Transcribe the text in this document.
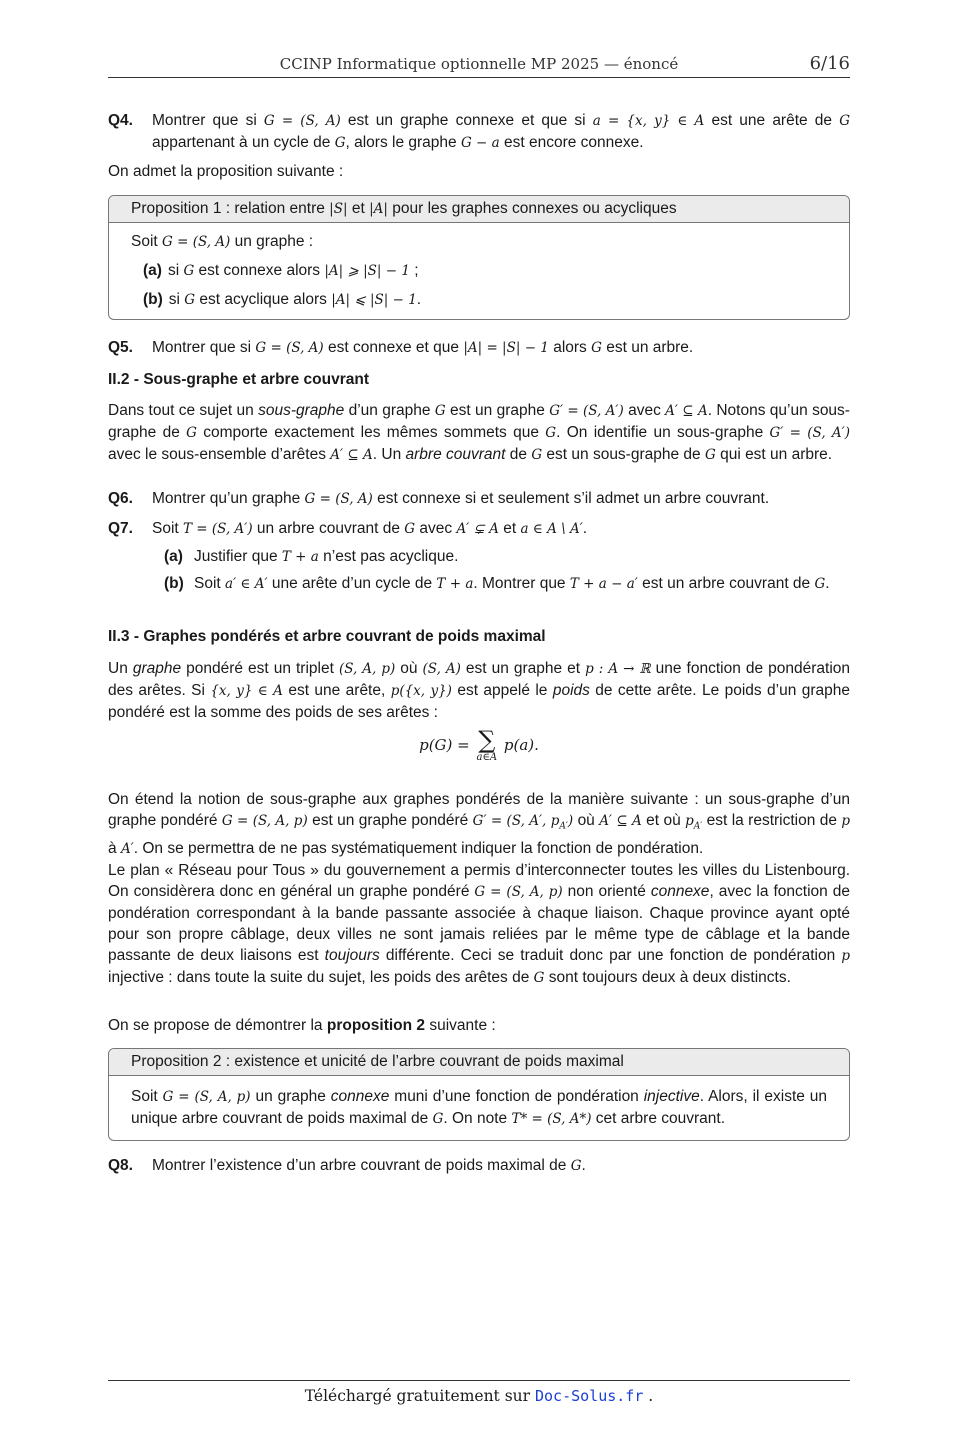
CCINP Informatique optionnelle MP 2025 — énoncé	6/16
Q4. Montrer que si G = (S, A) est un graphe connexe et que si a = {x, y} ∈ A est une arête de G appartenant à un cycle de G, alors le graphe G − a est encore connexe.
On admet la proposition suivante :
Proposition 1 : relation entre |S| et |A| pour les graphes connexes ou acycliques
Soit G = (S, A) un graphe :
(a) si G est connexe alors |A| ⩾ |S| − 1 ;
(b) si G est acyclique alors |A| ⩽ |S| − 1.
Q5. Montrer que si G = (S, A) est connexe et que |A| = |S| − 1 alors G est un arbre.
II.2 - Sous-graphe et arbre couvrant
Dans tout ce sujet un sous-graphe d’un graphe G est un graphe G′ = (S, A′) avec A′ ⊆ A. Notons qu’un sous-graphe de G comporte exactement les mêmes sommets que G. On identifie un sous-graphe G′ = (S, A′) avec le sous-ensemble d’arêtes A′ ⊆ A. Un arbre couvrant de G est un sous-graphe de G qui est un arbre.
Q6. Montrer qu’un graphe G = (S, A) est connexe si et seulement s’il admet un arbre couvrant.
Q7. Soit T = (S, A′) un arbre couvrant de G avec A′ ⊊ A et a ∈ A \ A′.
(a) Justifier que T + a n’est pas acyclique.
(b) Soit a′ ∈ A′ une arête d’un cycle de T + a. Montrer que T + a − a′ est un arbre couvrant de G.
II.3 - Graphes pondérés et arbre couvrant de poids maximal
Un graphe pondéré est un triplet (S, A, p) où (S, A) est un graphe et p : A → ℝ une fonction de pondération des arêtes. Si {x, y} ∈ A est une arête, p({x, y}) est appelé le poids de cette arête. Le poids d’un graphe pondéré est la somme des poids de ses arêtes :
p(G) = ∑
a∈A
p(a).
On étend la notion de sous-graphe aux graphes pondérés de la manière suivante : un sous-graphe d’un graphe pondéré G = (S, A, p) est un graphe pondéré G′ = (S, A′, $p_{A'}$) où A′ ⊆ A et où $p_{A'}$ est la restriction de p à A′. On se permettra de ne pas systématiquement indiquer la fonction de pondération.
Le plan « Réseau pour Tous » du gouvernement a permis d’interconnecter toutes les villes du Listenbourg. On considèrera donc en général un graphe pondéré G = (S, A, p) non orienté connexe, avec la fonction de pondération correspondant à la bande passante associée à chaque liaison. Chaque province ayant opté pour son propre câblage, deux villes ne sont jamais reliées par le même type de câblage et la bande passante de deux liaisons est toujours différente. Ceci se traduit donc par une fonction de pondération p injective : dans toute la suite du sujet, les poids des arêtes de G sont toujours deux à deux distincts.
On se propose de démontrer la proposition 2 suivante :
Proposition 2 : existence et unicité de l’arbre couvrant de poids maximal
Soit G = (S, A, p) un graphe connexe muni d’une fonction de pondération injective. Alors, il existe un unique arbre couvrant de poids maximal de G. On note T* = (S, A*) cet arbre couvrant.
Q8. Montrer l’existence d’un arbre couvrant de poids maximal de G.
Téléchargé gratuitement sur Doc-Solus.fr .
